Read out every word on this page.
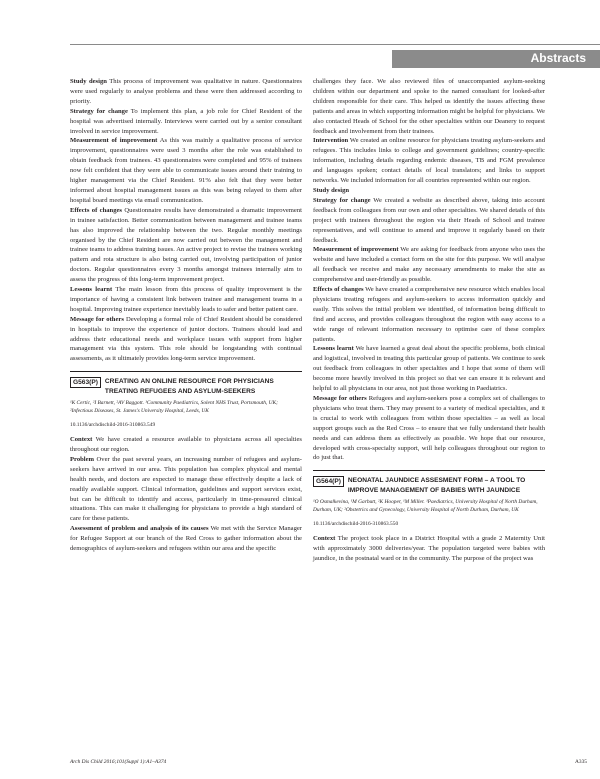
Abstracts

Study design This process of improvement was qualitative in nature. Questionnaires were used regularly to analyse problems and these were then addressed according to priority.

Strategy for change To implement this plan, a job role for Chief Resident of the hospital was advertised internally. Interviews were carried out by a senior consultant involved in service improvement.

Measurement of improvement As this was mainly a qualitative process of service improvement, questionnaires were used 3 months after the role was established to obtain feedback from trainees. 43 questionnaires were completed and 95% of trainees now felt confident that they were able to communicate issues around their training to higher management via the Chief Resident. 91% also felt that they were better informed about hospital management issues as this was being relayed to them after hospital board meetings via email communication.

Effects of changes Questionnaire results have demonstrated a dramatic improvement in trainee satisfaction. Better communication between management and trainee teams has also improved the relationship between the two. Regular monthly meetings organised by the Chief Resident are now carried out between the management and trainee teams to address training issues. An active project to revise the trainees working pattern and rota structure is also being carried out, involving participation of junior doctors. Regular questionnaires every 3 months amongst trainees internally aim to assess the progress of this long-term improvement project.

Lessons learnt The main lesson from this process of quality improvement is the importance of having a consistent link between trainee and management teams in a hospital. Improving trainee experience inevitably leads to safer and better patient care.

Message for others Developing a formal role of Chief Resident should be considered in hospitals to improve the experience of junior doctors. Trainees should lead and address their educational needs and workplace issues with support from higher management via this system. This role should be longstanding with continual assessments, as it ultimately provides long-term service improvement.

G563(P)	CREATING AN ONLINE RESOURCE FOR PHYSICIANS TREATING REFUGEES AND ASYLUM-SEEKERS
¹K Certic, ²I Barnett, ²AV Baggott. ¹Community Paediatrics, Solent NHS Trust, Portsmouth, UK; ²Infectious Diseases, St. James's University Hospital, Leeds, UK
10.1136/archdischild-2016-310863.549

Context We have created a resource available to physicians across all specialties throughout our region.

Problem Over the past several years, an increasing number of refugees and asylum-seekers have arrived in our area. This population has complex physical and mental health needs, and doctors are expected to manage these effectively despite a lack of readily available support. Clinical information, guidelines and support services exist, but can be difficult to identify and access, particularly in time-pressured clinical situations. This can make it challenging for physicians to provide a high standard of care for these patients.

Assessment of problem and analysis of its causes We met with the Service Manager for Refugee Support at our branch of the Red Cross to gather information about the demographics of asylum-seekers and refugees within our area and the specific

challenges they face. We also reviewed files of unaccompanied asylum-seeking children within our department and spoke to the named consultant for looked-after children responsible for their care. This helped us identify the issues affecting these patients and areas in which supporting information might be helpful for physicians. We also contacted Heads of School for the other specialties within our Deanery to request feedback and involvement from their trainees.

Intervention We created an online resource for physicians treating asylum-seekers and refugees. This includes links to college and government guidelines; country-specific information, including details regarding endemic diseases, TB and FGM prevalence and languages spoken; contact details of local translators; and links to support networks. We included information for all countries represented within our region.

Study design

Strategy for change We created a website as described above, taking into account feedback from colleagues from our own and other specialties. We shared details of this project with trainees throughout the region via their Heads of School and trainee representatives, and will continue to amend and improve it regularly based on their feedback.

Measurement of improvement We are asking for feedback from anyone who uses the website and have included a contact form on the site for this purpose. We will analyse all feedback we receive and make any necessary amendments to make the site as comprehensive and user-friendly as possible.

Effects of changes We have created a comprehensive new resource which enables local physicians treating refugees and asylum-seekers to access information quickly and easily. This solves the initial problem we identified, of information being difficult to find and access, and provides colleagues throughout the region with easy access to a wide range of relevant information necessary to optimise care of these complex patients.

Lessons learnt We have learned a great deal about the specific problems, both clinical and logistical, involved in treating this particular group of patients. We continue to seek out feedback from colleagues in other specialties and I hope that some of them will become more heavily involved in this project so that we can ensure it is relevant and helpful to all physicians in our area, not just those working in Paediatrics.

Message for others Refugees and asylum-seekers pose a complex set of challenges to physicians who treat them. They may present to a variety of medical specialties, and it is crucial to work with colleagues from within those specialties – as well as local support groups such as the Red Cross – to ensure that we fully understand their health needs and can address them as effectively as possible. We hope that our resource, developed with cross-specialty support, will help colleagues throughout our region to do just that.

G564(P)	NEONATAL JAUNDICE ASSESMENT FORM – A TOOL TO IMPROVE MANAGEMENT OF BABIES WITH JAUNDICE
¹O Osmalkevina, ¹M Garbutt, ²K Hooper, ¹M Miller. ¹Paediatrics, University Hospital of North Durham, Durham, UK; ²Obstetrics and Gynecology, University Hospital of North Durham, Durham, UK
10.1136/archdischild-2016-310863.550

Context The project took place in a District Hospital with a grade 2 Maternity Unit with approximately 3000 deliveries/year. The population targeted were babies with jaundice, in the postnatal ward or in the community. The purpose of the project was

Arch Dis Child 2016;101(Suppl 1):A1–A374	A335
